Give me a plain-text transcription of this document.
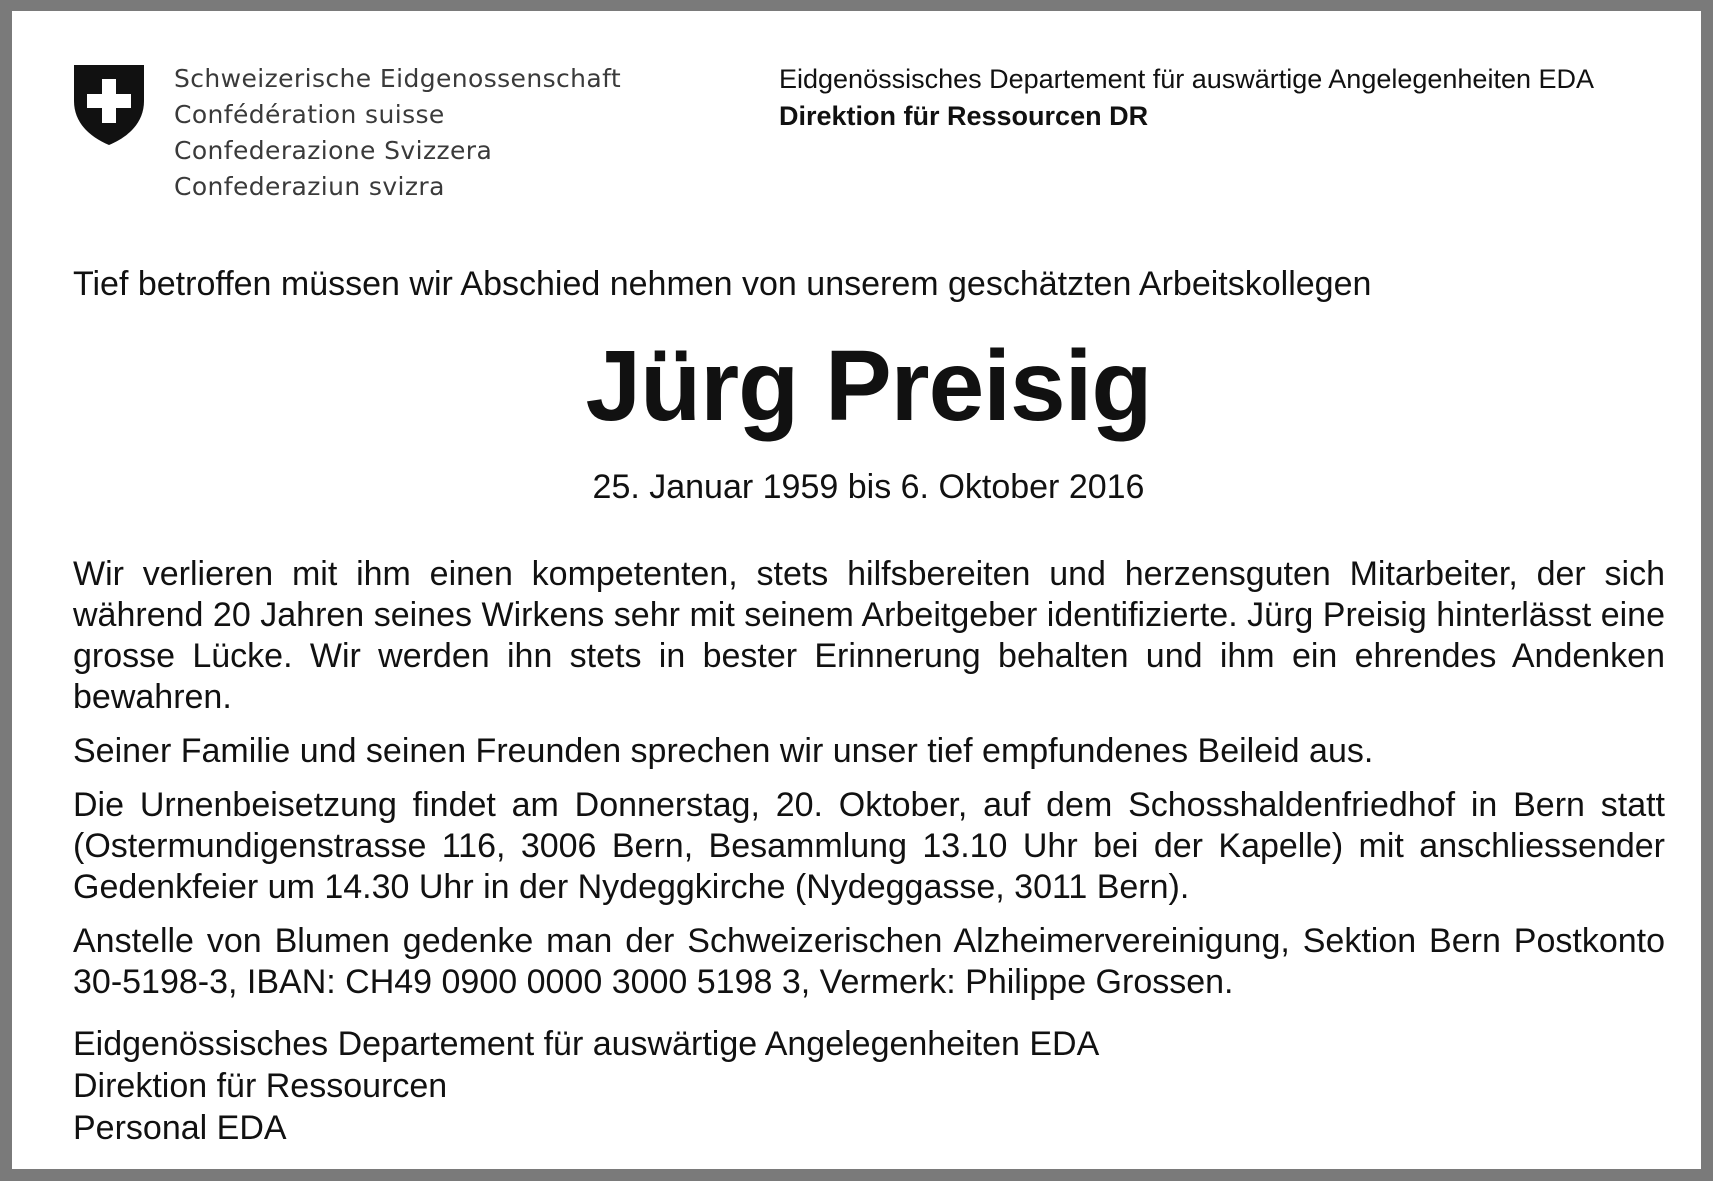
Schweizerische Eidgenossenschaft
Confédération suisse
Confederazione Svizzera
Confederaziun svizra
Eidgenössisches Departement für auswärtige Angelegenheiten EDA
Direktion für Ressourcen DR
Tief betroffen müssen wir Abschied nehmen von unserem geschätzten Arbeitskollegen
Jürg Preisig
25. Januar 1959 bis 6. Oktober 2016

Wir verlieren mit ihm einen kompetenten, stets hilfsbereiten und herzensguten Mitarbeiter, der sich während 20 Jahren seines Wirkens sehr mit seinem Arbeitgeber identifizierte. Jürg Preisig hinterlässt eine grosse Lücke. Wir werden ihn stets in bester Erinnerung behalten und ihm ein ehrendes Andenken bewahren.

Seiner Familie und seinen Freunden sprechen wir unser tief empfundenes Beileid aus.

Die Urnenbeisetzung findet am Donnerstag, 20. Oktober, auf dem Schosshaldenfriedhof in Bern statt (Ostermundigenstrasse 116, 3006 Bern, Besammlung 13.10 Uhr bei der Kapelle) mit anschliessender Gedenkfeier um 14.30 Uhr in der Nydeggkirche (Nydeggasse, 3011 Bern).

Anstelle von Blumen gedenke man der Schweizerischen Alzheimervereinigung, Sektion Bern Postkonto 30-5198-3, IBAN: CH49 0900 0000 3000 5198 3, Vermerk: Philippe Grossen.

Eidgenössisches Departement für auswärtige Angelegenheiten EDA
Direktion für Ressourcen
Personal EDA
